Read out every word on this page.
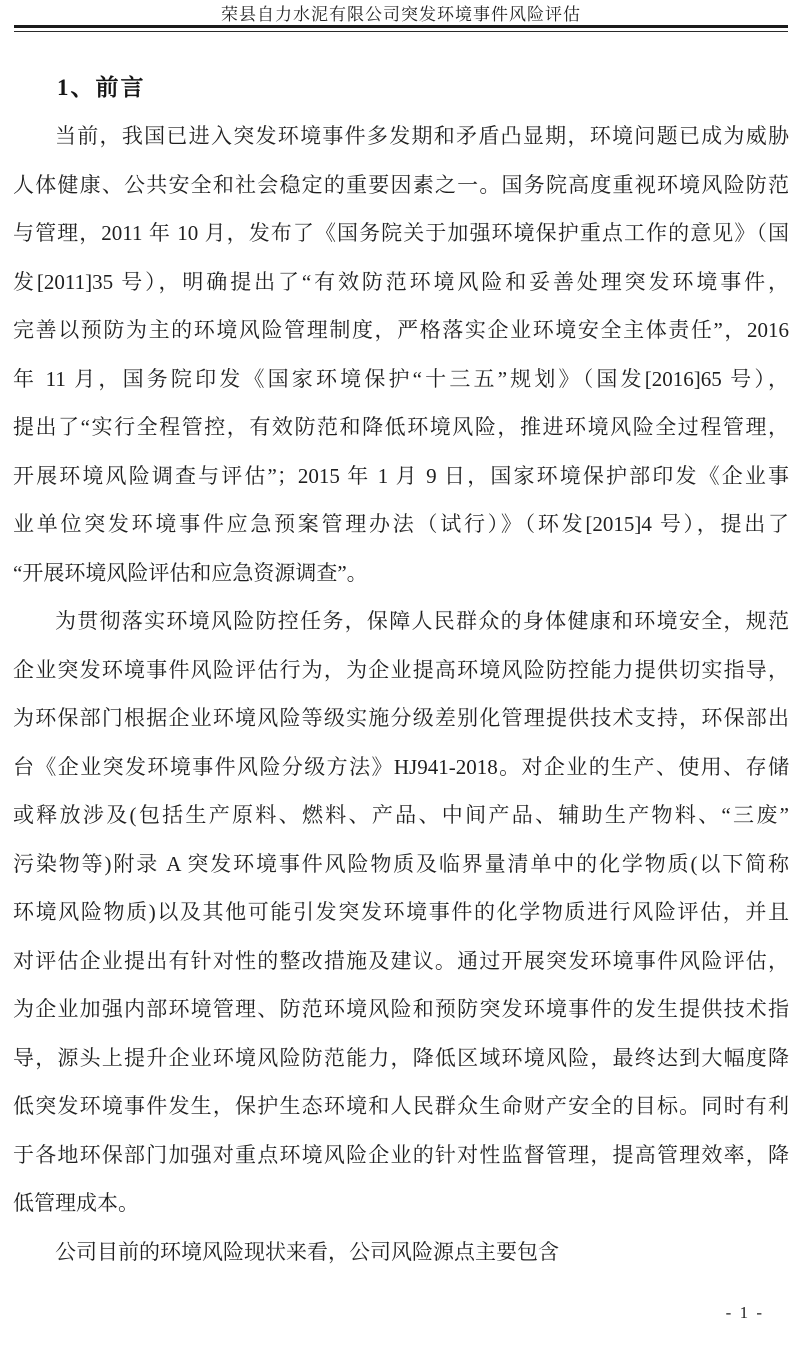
荣县自力水泥有限公司突发环境事件风险评估
1、前言
当前，我国已进入突发环境事件多发期和矛盾凸显期，环境问题已成为威胁
人体健康、公共安全和社会稳定的重要因素之一。国务院高度重视环境风险防范
与管理，2011 年 10 月，发布了《国务院关于加强环境保护重点工作的意见》（国
发[2011]35 号），明确提出了“有效防范环境风险和妥善处理突发环境事件，
完善以预防为主的环境风险管理制度，严格落实企业环境安全主体责任”，2016
年 11 月，国务院印发《国家环境保护“十三五”规划》（国发[2016]65 号），
提出了“实行全程管控，有效防范和降低环境风险，推进环境风险全过程管理，
开展环境风险调查与评估”；2015 年 1 月 9 日，国家环境保护部印发《企业事
业单位突发环境事件应急预案管理办法（试行）》（环发[2015]4 号），提出了
“开展环境风险评估和应急资源调查”。
为贯彻落实环境风险防控任务，保障人民群众的身体健康和环境安全，规范
企业突发环境事件风险评估行为，为企业提高环境风险防控能力提供切实指导，
为环保部门根据企业环境风险等级实施分级差别化管理提供技术支持，环保部出
台《企业突发环境事件风险分级方法》HJ941-2018。对企业的生产、使用、存储
或释放涉及(包括生产原料、燃料、产品、中间产品、辅助生产物料、“三废”
污染物等)附录 A 突发环境事件风险物质及临界量清单中的化学物质(以下简称
环境风险物质)以及其他可能引发突发环境事件的化学物质进行风险评估，并且
对评估企业提出有针对性的整改措施及建议。通过开展突发环境事件风险评估，
为企业加强内部环境管理、防范环境风险和预防突发环境事件的发生提供技术指
导，源头上提升企业环境风险防范能力，降低区域环境风险，最终达到大幅度降
低突发环境事件发生，保护生态环境和人民群众生命财产安全的目标。同时有利
于各地环保部门加强对重点环境风险企业的针对性监督管理，提高管理效率，降
低管理成本。
公司目前的环境风险现状来看，公司风险源点主要包含
- 1 -
